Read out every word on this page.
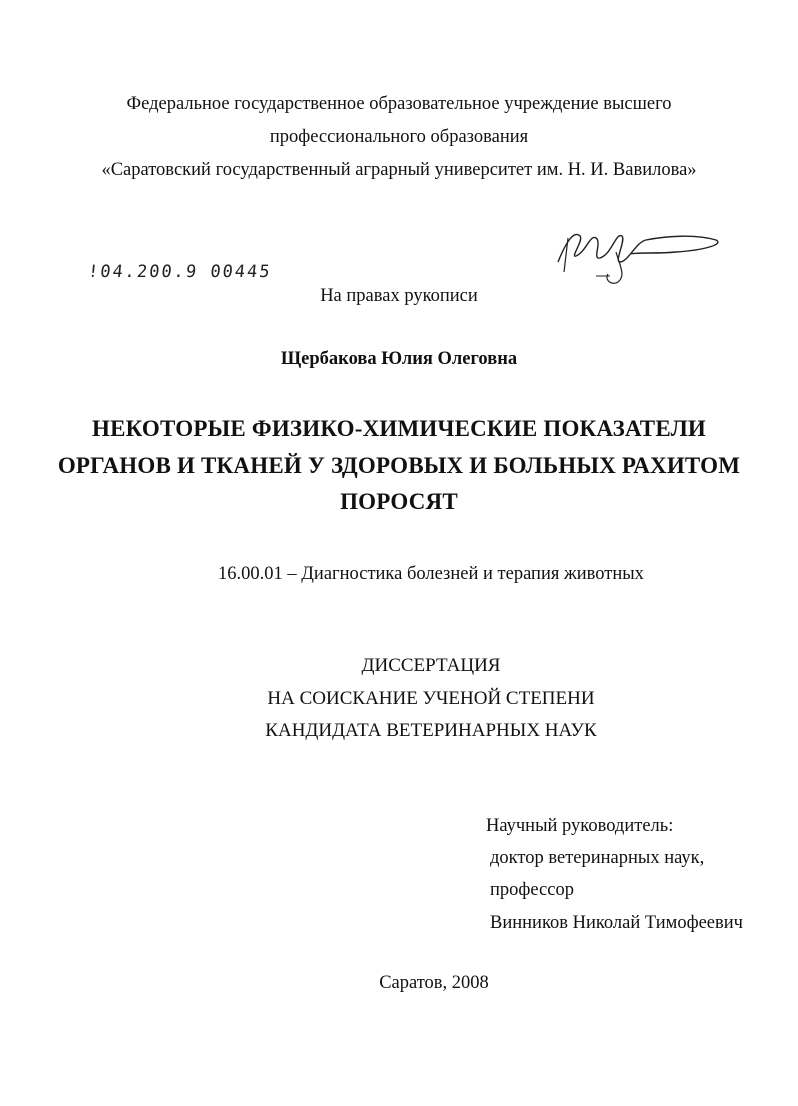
Федеральное государственное образовательное учреждение высшего
профессионального образования
«Саратовский государственный аграрный университет им. Н. И. Вавилова»
!04.200.9 00445
На правах рукописи
Щербакова Юлия Олеговна
НЕКОТОРЫЕ ФИЗИКО-ХИМИЧЕСКИЕ ПОКАЗАТЕЛИ
ОРГАНОВ И ТКАНЕЙ У ЗДОРОВЫХ И БОЛЬНЫХ РАХИТОМ
ПОРОСЯТ
16.00.01 – Диагностика болезней и терапия животных
ДИССЕРТАЦИЯ
НА СОИСКАНИЕ УЧЕНОЙ СТЕПЕНИ
КАНДИДАТА ВЕТЕРИНАРНЫХ НАУК
Научный руководитель:
доктор ветеринарных наук,
профессор
Винников Николай Тимофеевич
Саратов, 2008
